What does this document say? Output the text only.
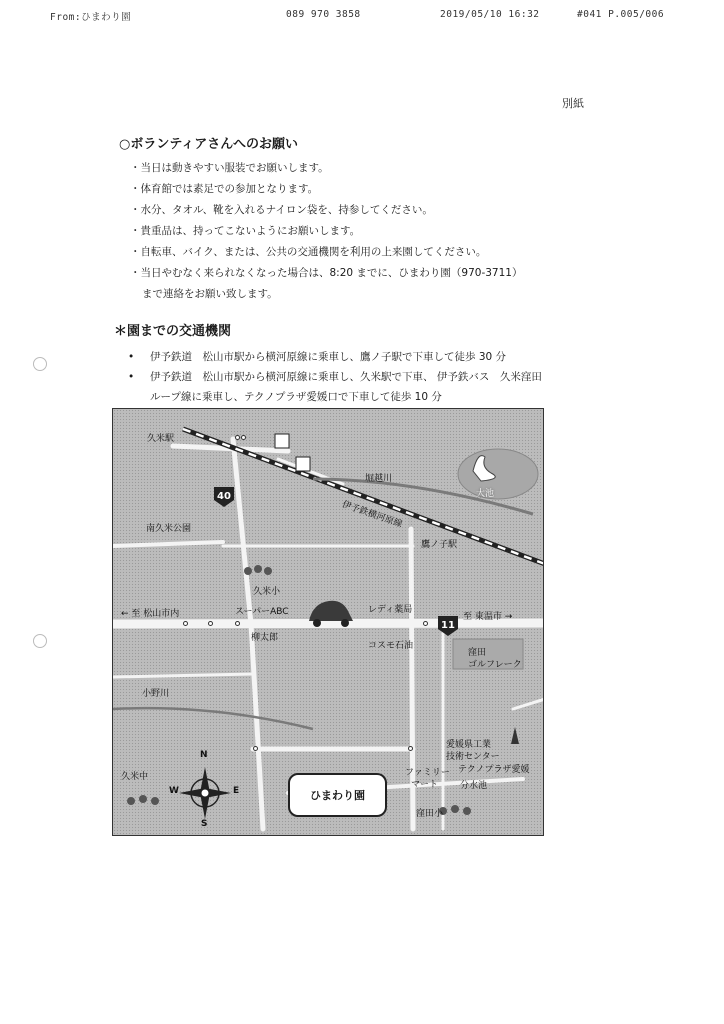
From:ひまわり園	089 970 3858	2019/05/10 16:32	#041 P.005/006
別紙
○ボランティアさんへのお願い
・当日は動きやすい服装でお願いします。
・体育館では素足での参加となります。
・水分、タオル、靴を入れるナイロン袋を、持参してください。
・貴重品は、持ってこないようにお願いします。
・自転車、バイク、または、公共の交通機関を利用の上来園してください。
・当日やむなく来られなくなった場合は、8:20 までに、ひまわり園（970-3711）
まで連絡をお願い致します。
＊園までの交通機関
• 伊予鉄道　松山市駅から横河原線に乗車し、鷹ノ子駅で下車して徒歩 30 分
• 伊予鉄道　松山市駅から横河原線に乗車し、久米駅で下車、 伊予鉄バス　久米窪田
ループ線に乗車し、テクノプラザ愛媛口で下車して徒歩 10 分
40
11
久米駅
堀越川
大池
伊予鉄横河原線
鷹ノ子駅
南久米公園
久米小
← 至 松山市内	スーパーABC	レディ薬局
至 東温市 →
柳太郎
コスモ石油
窪田
ゴルフレーク
小野川
愛媛県工業
技術センター
テクノプラザ愛媛
久米中	ファミリー
マート 分水池
窪田小
N
S
E
W	ひまわり園
